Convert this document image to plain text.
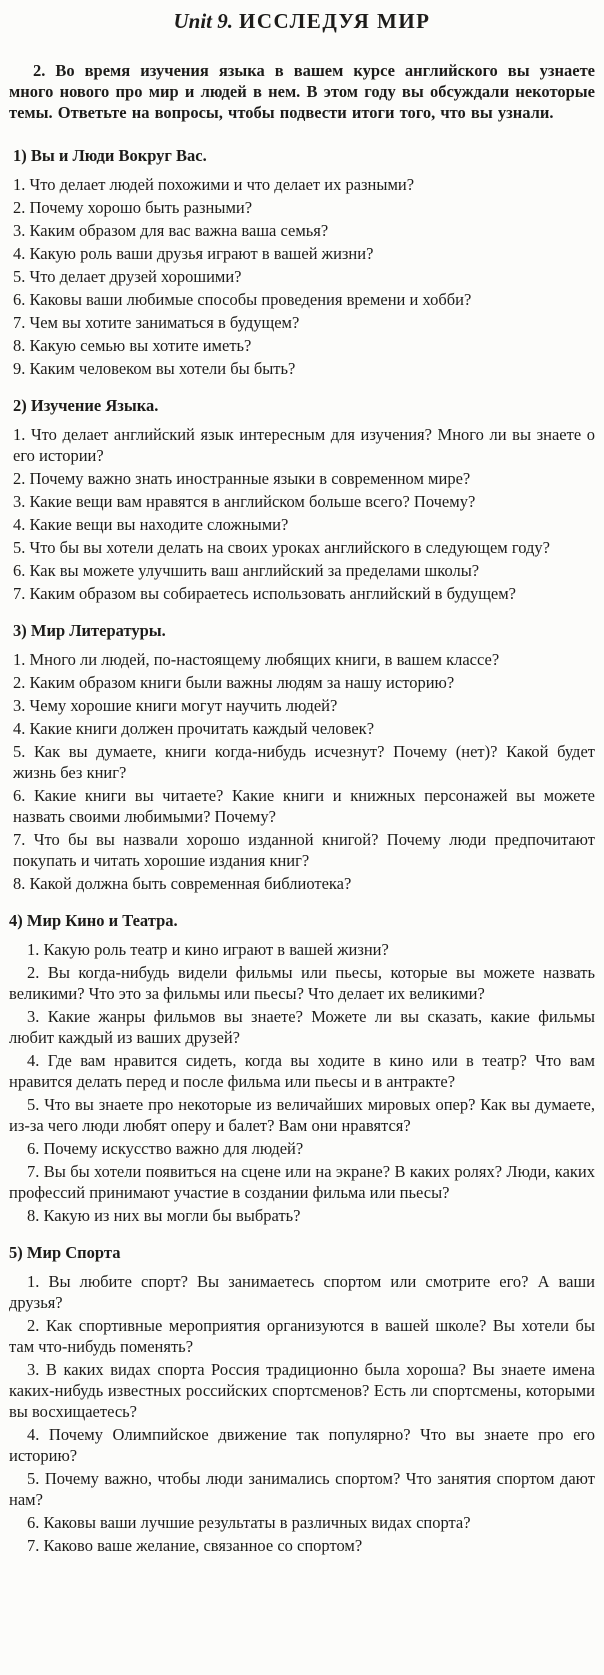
Unit 9. ИССЛЕДУЯ МИР

2. Во время изучения языка в вашем курсе английского вы узнаете много нового про мир и людей в нем. В этом году вы обсуждали некоторые темы. Ответьте на вопросы, чтобы подвести итоги того, что вы узнали.

1) Вы и Люди Вокруг Вас.

1. Что делает людей похожими и что делает их разными?

2. Почему хорошо быть разными?

3. Каким образом для вас важна ваша семья?

4. Какую роль ваши друзья играют в вашей жизни?

5. Что делает друзей хорошими?

6. Каковы ваши любимые способы проведения времени и хобби?

7. Чем вы хотите заниматься в будущем?

8. Какую семью вы хотите иметь?

9. Каким человеком вы хотели бы быть?

2) Изучение Языка.

1. Что делает английский язык интересным для изучения? Много ли вы знаете о его истории?

2. Почему важно знать иностранные языки в современном мире?

3. Какие вещи вам нравятся в английском больше всего? Почему?

4. Какие вещи вы находите сложными?

5. Что бы вы хотели делать на своих уроках английского в следующем году?

6. Как вы можете улучшить ваш английский за пределами школы?

7. Каким образом вы собираетесь использовать английский в будущем?

3) Мир Литературы.

1. Много ли людей, по-настоящему любящих книги, в вашем классе?

2. Каким образом книги были важны людям за нашу историю?

3. Чему хорошие книги могут научить людей?

4. Какие книги должен прочитать каждый человек?

5. Как вы думаете, книги когда-нибудь исчезнут? Почему (нет)? Какой будет жизнь без книг?

6. Какие книги вы читаете? Какие книги и книжных персонажей вы можете назвать своими любимыми? Почему?

7. Что бы вы назвали хорошо изданной книгой? Почему люди предпочитают покупать и читать хорошие издания книг?

8. Какой должна быть современная библиотека?

4) Мир Кино и Театра.

1. Какую роль театр и кино играют в вашей жизни?

2. Вы когда-нибудь видели фильмы или пьесы, которые вы можете назвать великими? Что это за фильмы или пьесы? Что делает их великими?

3. Какие жанры фильмов вы знаете? Можете ли вы сказать, какие фильмы любит каждый из ваших друзей?

4. Где вам нравится сидеть, когда вы ходите в кино или в театр? Что вам нравится делать перед и после фильма или пьесы и в антракте?

5. Что вы знаете про некоторые из величайших мировых опер? Как вы думаете, из-за чего люди любят оперу и балет? Вам они нравятся?

6. Почему искусство важно для людей?

7. Вы бы хотели появиться на сцене или на экране? В каких ролях? Люди, каких профессий принимают участие в создании фильма или пьесы?

8. Какую из них вы могли бы выбрать?

5) Мир Спорта

1. Вы любите спорт? Вы занимаетесь спортом или смотрите его? А ваши друзья?

2. Как спортивные мероприятия организуются в вашей школе? Вы хотели бы там что-нибудь поменять?

3. В каких видах спорта Россия традиционно была хороша? Вы знаете имена каких-нибудь известных российских спортсменов? Есть ли спортсмены, которыми вы восхищаетесь?

4. Почему Олимпийское движение так популярно? Что вы знаете про его историю?

5. Почему важно, чтобы люди занимались спортом? Что занятия спортом дают нам?

6. Каковы ваши лучшие результаты в различных видах спорта?

7. Каково ваше желание, связанное со спортом?
